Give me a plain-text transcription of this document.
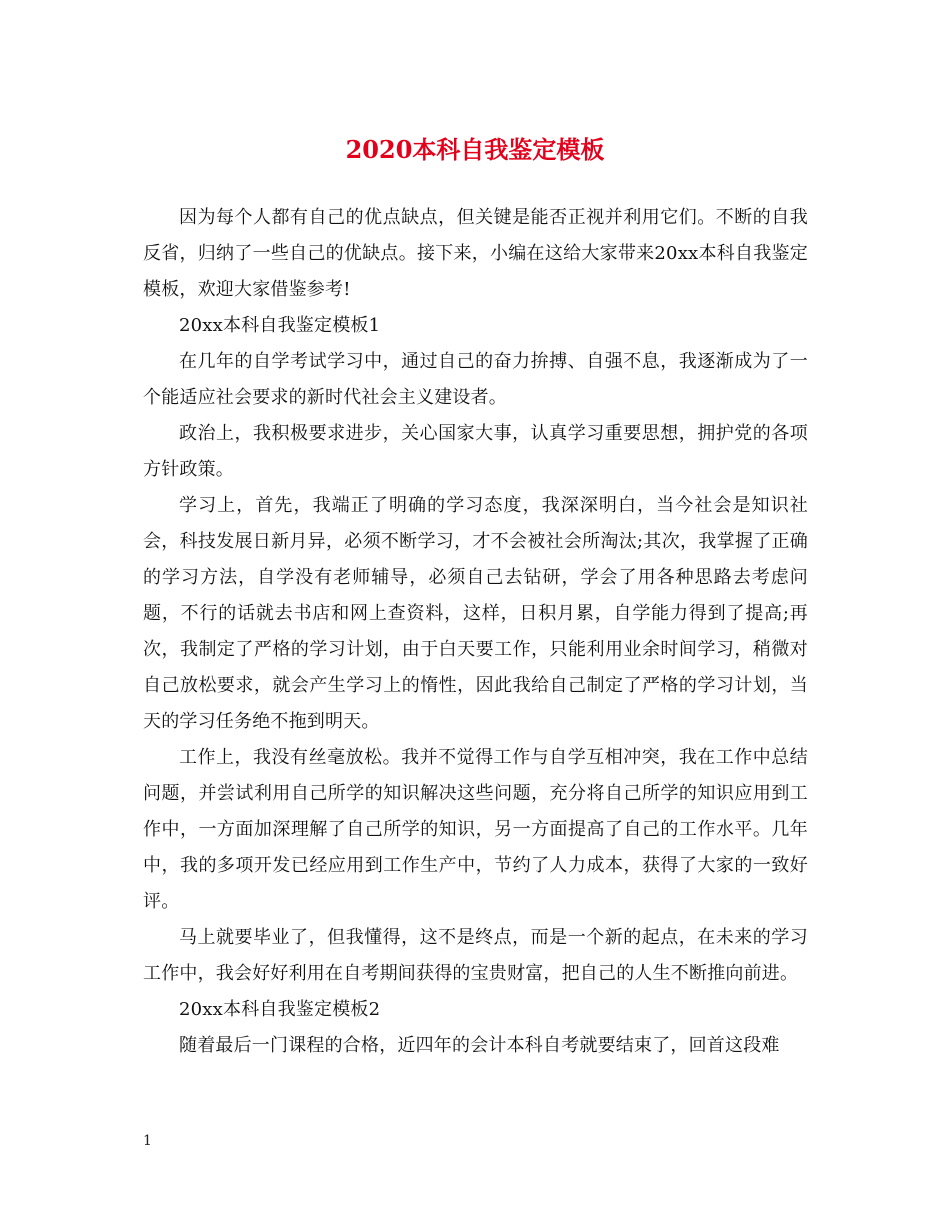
2020本科自我鉴定模板

因为每个人都有自己的优点缺点，但关键是能否正视并利用它们。不断的自我反省，归纳了一些自己的优缺点。接下来，小编在这给大家带来20xx本科自我鉴定模板，欢迎大家借鉴参考!

20xx本科自我鉴定模板1

在几年的自学考试学习中，通过自己的奋力拚搏、自强不息，我逐渐成为了一个能适应社会要求的新时代社会主义建设者。

政治上，我积极要求进步，关心国家大事，认真学习重要思想，拥护党的各项方针政策。

学习上，首先，我端正了明确的学习态度，我深深明白，当今社会是知识社会，科技发展日新月异，必须不断学习，才不会被社会所淘汰;其次，我掌握了正确的学习方法，自学没有老师辅导，必须自己去钻研，学会了用各种思路去考虑问题，不行的话就去书店和网上查资料，这样，日积月累，自学能力得到了提高;再次，我制定了严格的学习计划，由于白天要工作，只能利用业余时间学习，稍微对自己放松要求，就会产生学习上的惰性，因此我给自己制定了严格的学习计划，当天的学习任务绝不拖到明天。

工作上，我没有丝毫放松。我并不觉得工作与自学互相冲突，我在工作中总结问题，并尝试利用自己所学的知识解决这些问题，充分将自己所学的知识应用到工作中，一方面加深理解了自己所学的知识，另一方面提高了自己的工作水平。几年中，我的多项开发已经应用到工作生产中，节约了人力成本，获得了大家的一致好评。

马上就要毕业了，但我懂得，这不是终点，而是一个新的起点，在未来的学习工作中，我会好好利用在自考期间获得的宝贵财富，把自己的人生不断推向前进。

20xx本科自我鉴定模板2

随着最后一门课程的合格，近四年的会计本科自考就要结束了，回首这段难

1
